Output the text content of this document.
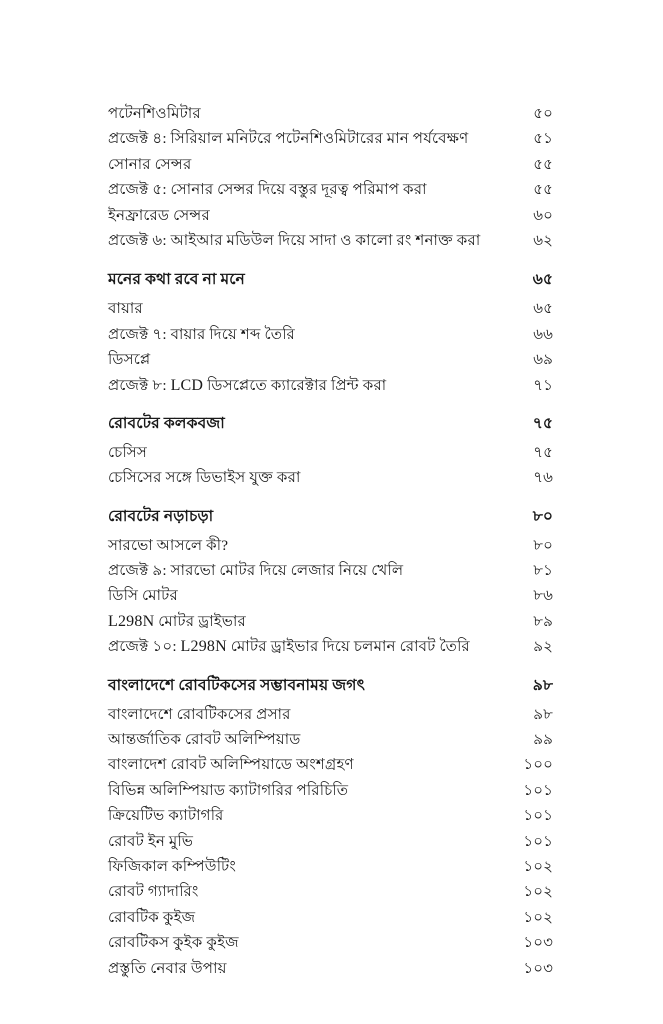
পটেনশিওমিটার	৫০
প্রজেক্ট ৪: সিরিয়াল মনিটরে পটেনশিওমিটারের মান পর্যবেক্ষণ	৫১
সোনার সেন্সর	৫৫
প্রজেক্ট ৫: সোনার সেন্সর দিয়ে বস্তুর দূরত্ব পরিমাপ করা	৫৫
ইনফ্রারেড সেন্সর	৬০
প্রজেক্ট ৬: আইআর মডিউল দিয়ে সাদা ও কালো রং শনাক্ত করা	৬২
মনের কথা রবে না মনে	৬৫
বায়ার	৬৫
প্রজেক্ট ৭: বায়ার দিয়ে শব্দ তৈরি	৬৬
ডিসপ্লে	৬৯
প্রজেক্ট ৮: LCD ডিসপ্লেতে ক্যারেক্টার প্রিন্ট করা	৭১
রোবটের কলকবজা	৭৫
চেসিস	৭৫
চেসিসের সঙ্গে ডিভাইস যুক্ত করা	৭৬
রোবটের নড়াচড়া	৮০
সারভো আসলে কী?	৮০
প্রজেক্ট ৯: সারভো মোটর দিয়ে লেজার নিয়ে খেলি	৮১
ডিসি মোটর	৮৬
L298N মোটর ড্রাইভার	৮৯
প্রজেক্ট ১০: L298N মোটর ড্রাইভার দিয়ে চলমান রোবট তৈরি	৯২
বাংলাদেশে রোবটিকসের সম্ভাবনাময় জগৎ	৯৮
বাংলাদেশে রোবটিকসের প্রসার	৯৮
আন্তর্জাতিক রোবট অলিম্পিয়াড	৯৯
বাংলাদেশ রোবট অলিম্পিয়াডে অংশগ্রহণ	১০০
বিভিন্ন অলিম্পিয়াড ক্যাটাগরির পরিচিতি	১০১
ক্রিয়েটিভ ক্যাটাগরি	১০১
রোবট ইন মুভি	১০১
ফিজিকাল কম্পিউটিং	১০২
রোবট গ্যাদারিং	১০২
রোবটিক কুইজ	১০২
রোবটিকস কুইক কুইজ	১০৩
প্রস্তুতি নেবার উপায়	১০৩
